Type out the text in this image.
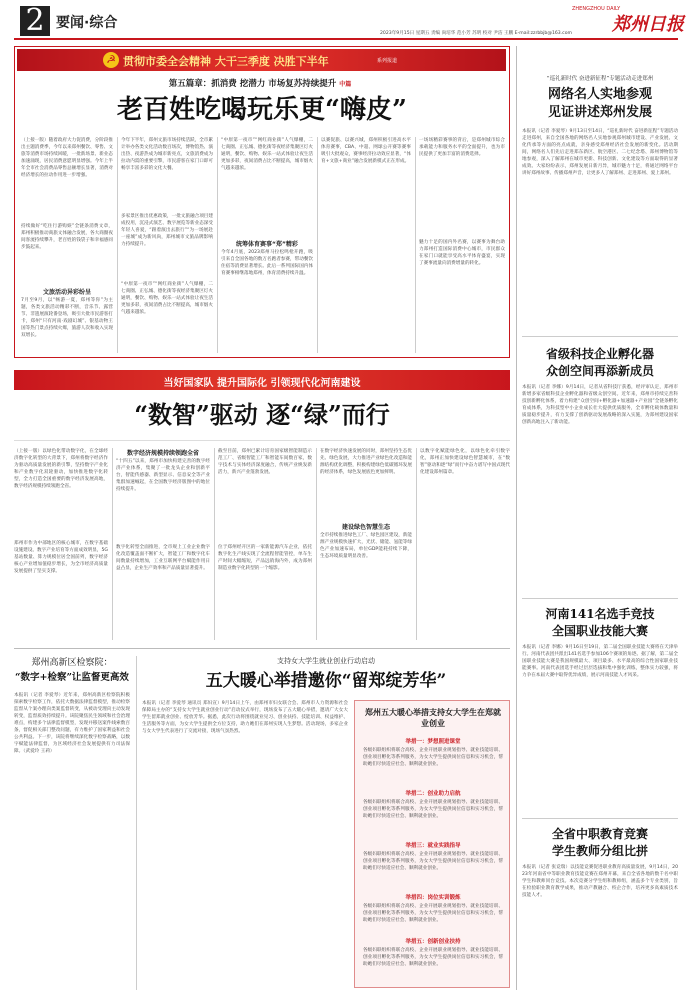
2 要闻·综合
ZHENGZHOU DAILY
郑州日报
2023年9月15日 星期五 责编 尚培华 范小芳 苏明 校对 尹洁 王鹏 E-mail:zzrbbjb@163.com
☭ 贯彻市委全会精神 大干三季度 决胜下半年	系列报道
第五篇章：抓消费 挖潜力 市场复苏持续提升 中篇
老百姓吃喝玩乐更“嗨皮”
（上接一版）随着政府大力促消费，分阶段推出主题消费季，今年以来郑州餐饮、零售、文旅等消费市场持续回暖，一批新场景、新业态加速涌现，居民消费意愿明显增强。今年上半年全市社会消费品零售总额增长显著，消费对经济增长的拉动作用进一步增强。
持续做好“吃住行游购娱”全链条消费文章，郑州积极推动商旅文体融合发展，各大商圈夜间客流持续攀升，老百姓的钱袋子和幸福感同步鼓起来。
文旅活动异彩纷呈
7月至9月，以“畅游一夏，郑州等你”为主题，各类文旅活动精彩不断，音乐节、露营节、非遗展演轮番登场，吸引大批市民游客打卡，郑州“只有河南·戏剧幻城”、银基动物王国等热门景点持续火爆，旅游人次和收入实现双增长。
今年下半年，郑州文旅市场持续活跃，全市累计举办各类文化活动数百场次，博物馆热、演出热、夜游热成为城市新亮点，文旅消费成为拉动内需的重要引擎，市民游客在家门口即可畅享丰富多彩的文化大餐。
多家景区推出优惠政策，一批文旅融合项目建成投用，沉浸式演艺、数字展览等新业态深受年轻人喜爱，“跟着演出去旅行”“为一场展赴一座城”成为新风尚，郑州城市文旅品牌影响力持续提升。
“中原第一夜市”“网红商业街”人气爆棚，二七商圈、正弘城、德化街等夜经济集聚区灯火通明，餐饮、购物、娱乐一站式体验让夜生活更加多彩，夜间消费占比不断提高，城市烟火气越来越浓。
“中原第一夜市”“网红商业街”人气爆棚，二七商圈、正弘城、德化街等夜经济集聚区灯火通明，餐饮、购物、娱乐一站式体验让夜生活更加多彩，夜间消费占比不断提高，城市烟火气越来越浓。
统筹体育赛事“郑”精彩
今年4月底，2023郑州马拉松鸣枪开跑，吸引来自全国各地的数万名跑者参赛，带动餐饮住宿等消费显著增长。此后一系列国际国内体育赛事相继落地郑州，体育消费持续升温。
以赛促旅、以赛兴城，郑州积极引进高水平体育赛事，CBA、中超、网球公开赛等赛事吸引大批观众，赛事经济拉动效应显著，“体育+文旅+商业”融合发展新模式正在形成。
一场场精彩赛事的背后，是郑州城市综合承载能力和服务水平的全面提升，也为市民提供了更加丰富的消费选择。
魅力十足的国内外名赛，以赛事为舞台助力郑州打造国际消费中心城市，市民群众在家门口就能享受高水平体育盛宴，实现了赛事流量向消费增量的转化。
当好国家队 提升国际化 引领现代化河南建设
“数智”驱动 逐“绿”而行
（上接一版）以绿色化带动数字化，在全球经济数字化转型的大背景下，郑州将数字经济作为驱动高质量发展的新引擎，坚持数字产业化和产业数字化双轮驱动，加快推进数字化转型，全力打造全国重要的数字经济发展高地，数字经济规模持续领跑全省。
郑州市作为中部地区的核心城市，在数字基础设施建设、数字产业培育等方面成效明显，5G基站数量、算力规模位居全国前列，数字经济核心产业增加值稳步增长，为全市经济高质量发展提供了坚实支撑。
数字经济规模持续领跑全省
“十四五”以来，郑州市加快构建完善的数字经济产业体系，集聚了一批龙头企业和创新平台，智能传感器、新型显示、信息安全等产业集群加速崛起，在全国数字经济版图中的地位持续提升。
数字化转型全面推进，全市规上工业企业数字化改造覆盖面不断扩大，智能工厂和数字化车间数量持续增加，工业互联网平台赋能作用日益凸显，企业生产效率和产品质量显著提升。
截至目前，郑州已累计培育国家级智能制造示范工厂、省级智能工厂和智能车间数百家，数字技术与实体经济深度融合，传统产业焕发新活力，新兴产业蓬勃发展。
位于郑州经开区的一家新能源汽车企业，依托数字化生产线实现了全流程智能管控，单车生产时间大幅缩短，产品远销海内外，成为郑州制造业数字化转型的一个缩影。
在数字经济快速发展的同时，郑州坚持生态优先、绿色发展，大力推进产业绿色化改造和能源结构优化调整，积极构建绿色低碳循环发展的经济体系，绿色发展底色更加鲜明。
建设绿色智慧生态
全市持续推进绿色工厂、绿色园区建设，新能源产业规模快速扩大，光伏、储能、氢能等绿色产业加速布局，单位GDP能耗持续下降，生态环境质量明显改善。
以数字化赋能绿色化，以绿色化牵引数字化，郑州正加快建设绿色智慧城市，在“数智”驱动和逐“绿”而行中奋力谱写中国式现代化建设郑州篇章。
郑州高新区检察院：
“数字+检察”让监督更高效
本报讯（记者 李爱琴）近年来，郑州高新区检察院积极探索数字检察工作，依托大数据法律监督模型，推动检察监督从个案办理向类案监督转变，从被动受理向主动发现转变，监督质效持续提升。该院聚焦民生领域和社会治理难点，构建多个法律监督模型，发现并移送案件线索数百条，督促相关部门整改问题，有力维护了国家利益和社会公共利益。下一步，该院将继续深化数字检察战略，以数字赋能法律监督，为区域经济社会发展提供有力司法保障。（武爱玲 王莉）
支持女大学生就业创业行动启动
五大暖心举措邀你“留郑绽芳华”
本报讯（记者 李爱琴 通讯员 郑妇宣）9月14日上午，由郑州市妇女联合会、郑州市人力资源和社会保障局主办的“支持女大学生就业创业行动”启动仪式举行，现场发布了五大暖心举措，邀请广大女大学生留郑就业创业、绽放芳华。据悉，此次行动将围绕就业见习、创业扶持、技能培训、权益维护、生活服务等方面，为女大学生提供全方位支持，助力她们在郑州实现人生梦想。活动现场，多家企业与女大学生代表进行了交流对接，现场气氛热烈。
郑州五大暖心举措支持女大学生在郑就业创业
举措一：梦想照进课堂
各级妇联组织将联合高校、企业开展职业规划指导、就业技能培训、创业项目孵化等系列服务，为女大学生提供岗位信息和实习机会，帮助她们尽快适应社会、顺利就业创业。
举措二：创业助力启航
各级妇联组织将联合高校、企业开展职业规划指导、就业技能培训、创业项目孵化等系列服务，为女大学生提供岗位信息和实习机会，帮助她们尽快适应社会、顺利就业创业。
举措三：就业实践指导
各级妇联组织将联合高校、企业开展职业规划指导、就业技能培训、创业项目孵化等系列服务，为女大学生提供岗位信息和实习机会，帮助她们尽快适应社会、顺利就业创业。
举措四：岗位实训锻炼
各级妇联组织将联合高校、企业开展职业规划指导、就业技能培训、创业项目孵化等系列服务，为女大学生提供岗位信息和实习机会，帮助她们尽快适应社会、顺利就业创业。
举措五：创新创业扶持
各级妇联组织将联合高校、企业开展职业规划指导、就业技能培训、创业项目孵化等系列服务，为女大学生提供岗位信息和实习机会，帮助她们尽快适应社会、顺利就业创业。
“巡礼新时代 奋进新征程”专题活动走进郑州
网络名人实地参观
见证讲述郑州发展
本报讯（记者 李爱琴）9月13日至14日，“巡礼新时代 奋进新征程”专题活动走进郑州，来自全国各地的网络名人实地参观郑州城市建设、产业发展、文化传承等方面的亮点成就，亲身感受郑州经济社会发展的新变化。活动期间，网络名人们先后走进郑东新区、航空港区、二七纪念塔、郑州博物馆等地参观，深入了解郑州在城市更新、科技创新、文化建设等方面取得的显著成效。大家纷纷表示，郑州发展日新月异，城市魅力十足，将通过网络平台讲好郑州故事、传播郑州声音，让更多人了解郑州、走进郑州、爱上郑州。
省级科技企业孵化器
众创空间再添新成员
本报讯（记者 李娜）9月14日，记者从省科技厅获悉，经评审认定，郑州市新增多家省级科技企业孵化器和省级众创空间。近年来，郑州市持续完善科技创新孵化体系，着力构建“众创空间+孵化器+加速器+产业园”全链条孵化育成体系，为科技型中小企业成长壮大提供优质服务，全市孵化载体数量和质量稳步提升，有力支撑了创新驱动发展战略的深入实施，为郑州建设国家创新高地注入了新动能。
河南141名选手竞技
全国职业技能大赛
本报讯（记者 李娜）9月16日至19日，第二届全国职业技能大赛将在天津举行。河南代表团共派出141名选手参加106个赛项的角逐。据了解，第二届全国职业技能大赛是我国规模最大、项目最多、水平最高的综合性国家职业技能赛事。河南代表团选手经过层层选拔和集中强化训练，整体实力较强，将力争在本届大赛中取得优异成绩，展示河南技能人才风采。
全省中职教育竞赛
学生教师分组比拼
本报讯（记者 张竞瑞）以技能竞赛促进职业教育高质量发展，9月14日，2023年河南省中等职业教育技能竞赛在郑州开幕，来自全省各地的数千名中职学生和教师同台竞技。本次竞赛分学生组和教师组，涵盖多个专业类别，旨在检验职业教育教学成果，推动产教融合、校企合作，培养更多高素质技术技能人才。
